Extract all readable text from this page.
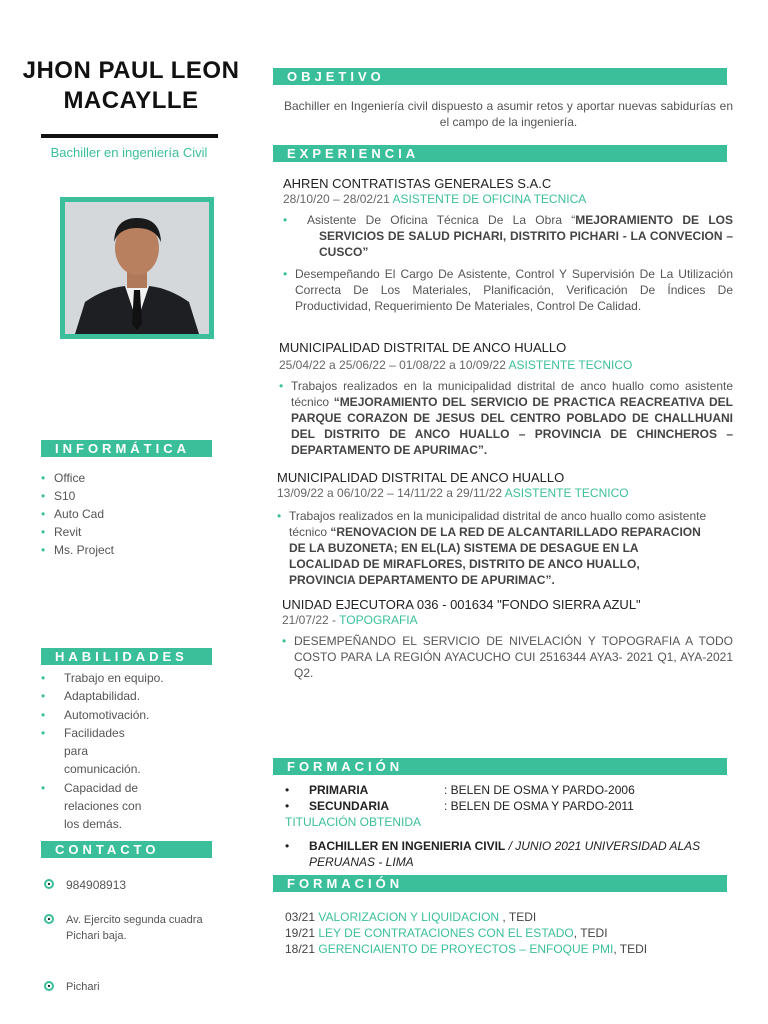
JHON PAUL LEON
MACAYLLE
Bachiller en ingeniería Civil
INFORMÁTICA
• Office
• S10
• Auto Cad
• Revit
• Ms. Project
HABILIDADES
• Trabajo en equipo.
• Adaptabilidad.
• Automotivación.
• Facilidades para comunicación.
• Capacidad de relaciones con los demás.
CONTACTO
984908913
Av. Ejercito segunda cuadra Pichari baja.
Pichari
OBJETIVO
Bachiller en Ingeniería civil dispuesto a asumir retos y aportar nuevas sabidurías en el campo de la ingeniería.
EXPERIENCIA
AHREN CONTRATISTAS GENERALES S.A.C
28/10/20 – 28/02/21 ASISTENTE DE OFICINA TECNICA
• Asistente De Oficina Técnica De La Obra “MEJORAMIENTO DE LOS SERVICIOS DE SALUD PICHARI, DISTRITO PICHARI - LA CONVECION – CUSCO”
• Desempeñando El Cargo De Asistente, Control Y Supervisión De La Utilización Correcta De Los Materiales, Planificación, Verificación De Índices De Productividad, Requerimiento De Materiales, Control De Calidad.
MUNICIPALIDAD DISTRITAL DE ANCO HUALLO
25/04/22 a 25/06/22 – 01/08/22 a 10/09/22 ASISTENTE TECNICO
• Trabajos realizados en la municipalidad distrital de anco huallo como asistente técnico “MEJORAMIENTO DEL SERVICIO DE PRACTICA REACREATIVA DEL PARQUE CORAZON DE JESUS DEL CENTRO POBLADO DE CHALLHUANI DEL DISTRITO DE ANCO HUALLO – PROVINCIA DE CHINCHEROS – DEPARTAMENTO DE APURIMAC”.
MUNICIPALIDAD DISTRITAL DE ANCO HUALLO
13/09/22 a 06/10/22 – 14/11/22 a 29/11/22 ASISTENTE TECNICO
• Trabajos realizados en la municipalidad distrital de anco huallo como asistente técnico “RENOVACION DE LA RED DE ALCANTARILLADO REPARACION DE LA BUZONETA; EN EL(LA) SISTEMA DE DESAGUE EN LA LOCALIDAD DE MIRAFLORES, DISTRITO DE ANCO HUALLO, PROVINCIA DEPARTAMENTO DE APURIMAC”.
UNIDAD EJECUTORA 036 - 001634 "FONDO SIERRA AZUL"
21/07/22 - TOPOGRAFIA
• DESEMPEÑANDO EL SERVICIO DE NIVELACIÓN Y TOPOGRAFIA A TODO COSTO PARA LA REGIÓN AYACUCHO CUI 2516344 AYA3- 2021 Q1, AYA-2021 Q2.
FORMACIÓN
• PRIMARIA	: BELEN DE OSMA Y PARDO-2006
• SECUNDARIA	: BELEN DE OSMA Y PARDO-2011
TITULACIÓN OBTENIDA
• BACHILLER EN INGENIERIA CIVIL / JUNIO 2021 UNIVERSIDAD ALAS PERUANAS - LIMA
FORMACIÓN
03/21 VALORIZACION Y LIQUIDACION , TEDI
19/21 LEY DE CONTRATACIONES CON EL ESTADO, TEDI
18/21 GERENCIAIENTO DE PROYECTOS – ENFOQUE PMI, TEDI
